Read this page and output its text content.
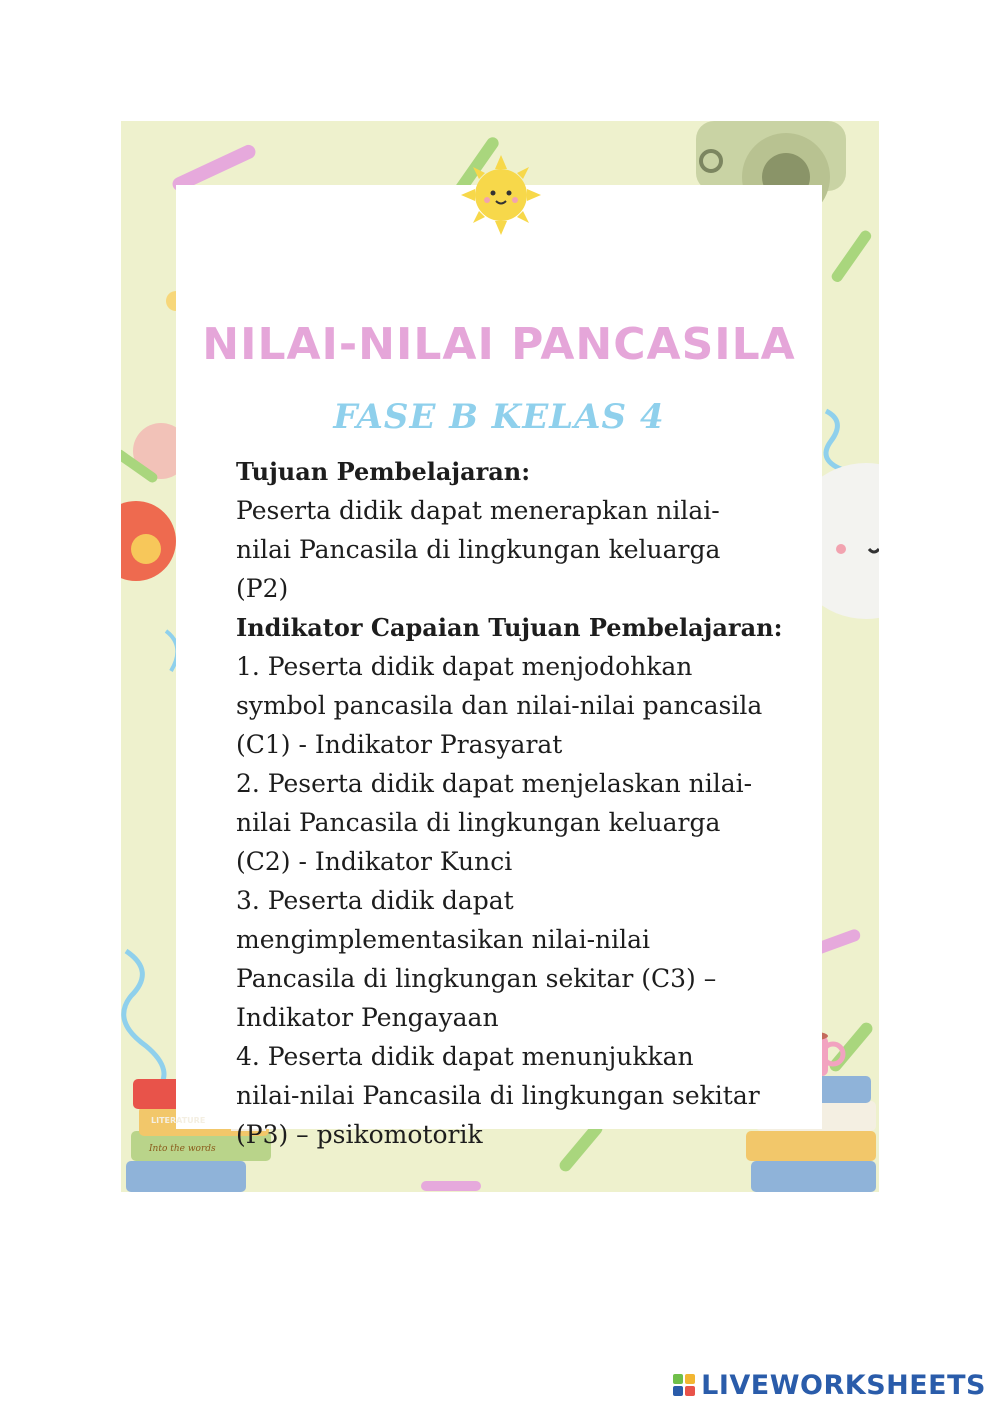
NILAI-NILAI PANCASILA
FASE B KELAS 4

Tujuan Pembelajaran:

Peserta didik dapat menerapkan nilai-

nilai Pancasila di lingkungan keluarga

(P2)

Indikator Capaian Tujuan Pembelajaran:

1. Peserta didik dapat menjodohkan

symbol pancasila dan nilai-nilai pancasila

(C1) - Indikator Prasyarat

2. Peserta didik dapat menjelaskan nilai-

nilai Pancasila di lingkungan keluarga

(C2) - Indikator Kunci

3. Peserta didik dapat

mengimplementasikan nilai-nilai

Pancasila di lingkungan sekitar (C3) –

Indikator Pengayaan

4. Peserta didik dapat menunjukkan

nilai-nilai Pancasila di lingkungan sekitar

(P3) – psikomotorik

LITERATURE
Into the words
LIVEWORKSHEETS
